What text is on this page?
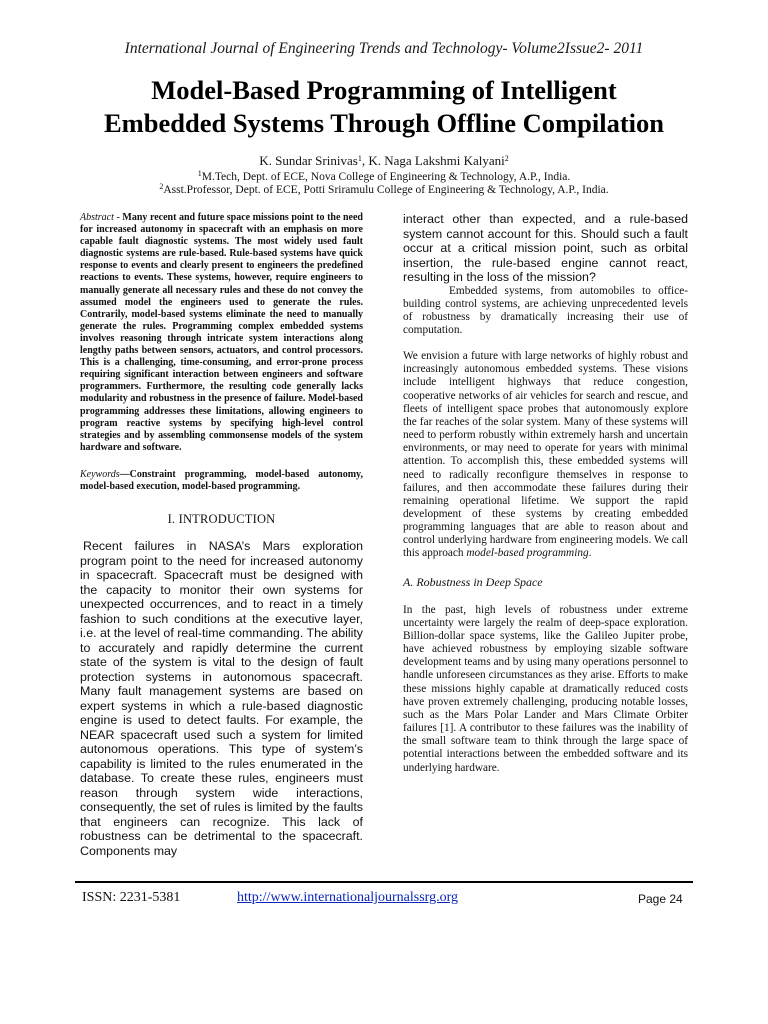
International Journal of Engineering Trends and Technology- Volume2Issue2- 2011
Model-Based Programming of Intelligent
Embedded Systems Through Offline Compilation
K. Sundar Srinivas$^1$, K. Naga Lakshmi Kalyani$^2$
$^1$M.Tech, Dept. of ECE, Nova College of Engineering & Technology, A.P., India.
$^2$Asst.Professor, Dept. of ECE, Potti Sriramulu College of Engineering & Technology, A.P., India.

Abstract - Many recent and future space missions point to the need for increased autonomy in spacecraft with an emphasis on more capable fault diagnostic systems. The most widely used fault diagnostic systems are rule-based. Rule-based systems have quick response to events and clearly present to engineers the predefined reactions to events. These systems, however, require engineers to manually generate all necessary rules and these do not convey the assumed model the engineers used to generate the rules. Contrarily, model-based systems eliminate the need to manually generate the rules. Programming complex embedded systems involves reasoning through intricate system interactions along lengthy paths between sensors, actuators, and control processors. This is a challenging, time-consuming, and error-prone process requiring significant interaction between engineers and software programmers. Furthermore, the resulting code generally lacks modularity and robustness in the presence of failure. Model-based programming addresses these limitations, allowing engineers to program reactive systems by specifying high-level control strategies and by assembling commonsense models of the system hardware and software.

Keywords—Constraint programming, model-based autonomy, model-based execution, model-based programming.
I. INTRODUCTION

Recent failures in NASA’s Mars exploration program point to the need for increased autonomy in spacecraft. Spacecraft must be designed with the capacity to monitor their own systems for unexpected occurrences, and to react in a timely fashion to such conditions at the executive layer, i.e. at the level of real-time commanding. The ability to accurately and rapidly determine the current state of the system is vital to the design of fault protection systems in autonomous spacecraft. Many fault management systems are based on expert systems in which a rule-based diagnostic engine is used to detect faults. For example, the NEAR spacecraft used such a system for limited autonomous operations. This type of system’s capability is limited to the rules enumerated in the database. To create these rules, engineers must reason through system wide interactions, consequently, the set of rules is limited by the faults that engineers can recognize. This lack of robustness can be detrimental to the spacecraft. Components may

interact other than expected, and a rule-based system cannot account for this. Should such a fault occur at a critical mission point, such as orbital insertion, the rule-based engine cannot react, resulting in the loss of the mission?

Embedded systems, from automobiles to office-building control systems, are achieving unprecedented levels of robustness by dramatically increasing their use of computation.

We envision a future with large networks of highly robust and increasingly autonomous embedded systems. These visions include intelligent highways that reduce congestion, cooperative networks of air vehicles for search and rescue, and fleets of intelligent space probes that autonomously explore the far reaches of the solar system. Many of these systems will need to perform robustly within extremely harsh and uncertain environments, or may need to operate for years with minimal attention. To accomplish this, these embedded systems will need to radically reconfigure themselves in response to failures, and then accommodate these failures during their remaining operational lifetime. We support the rapid development of these systems by creating embedded programming languages that are able to reason about and control underlying hardware from engineering models. We call this approach model-based programming.

A. Robustness in Deep Space

In the past, high levels of robustness under extreme uncertainty were largely the realm of deep-space exploration. Billion-dollar space systems, like the Galileo Jupiter probe, have achieved robustness by employing sizable software development teams and by using many operations personnel to handle unforeseen circumstances as they arise. Efforts to make these missions highly capable at dramatically reduced costs have proven extremely challenging, producing notable losses, such as the Mars Polar Lander and Mars Climate Orbiter failures [1]. A contributor to these failures was the inability of the small software team to think through the large space of potential interactions between the embedded software and its underlying hardware.

ISSN: 2231-5381	http://www.internationaljournalssrg.org	Page 24
